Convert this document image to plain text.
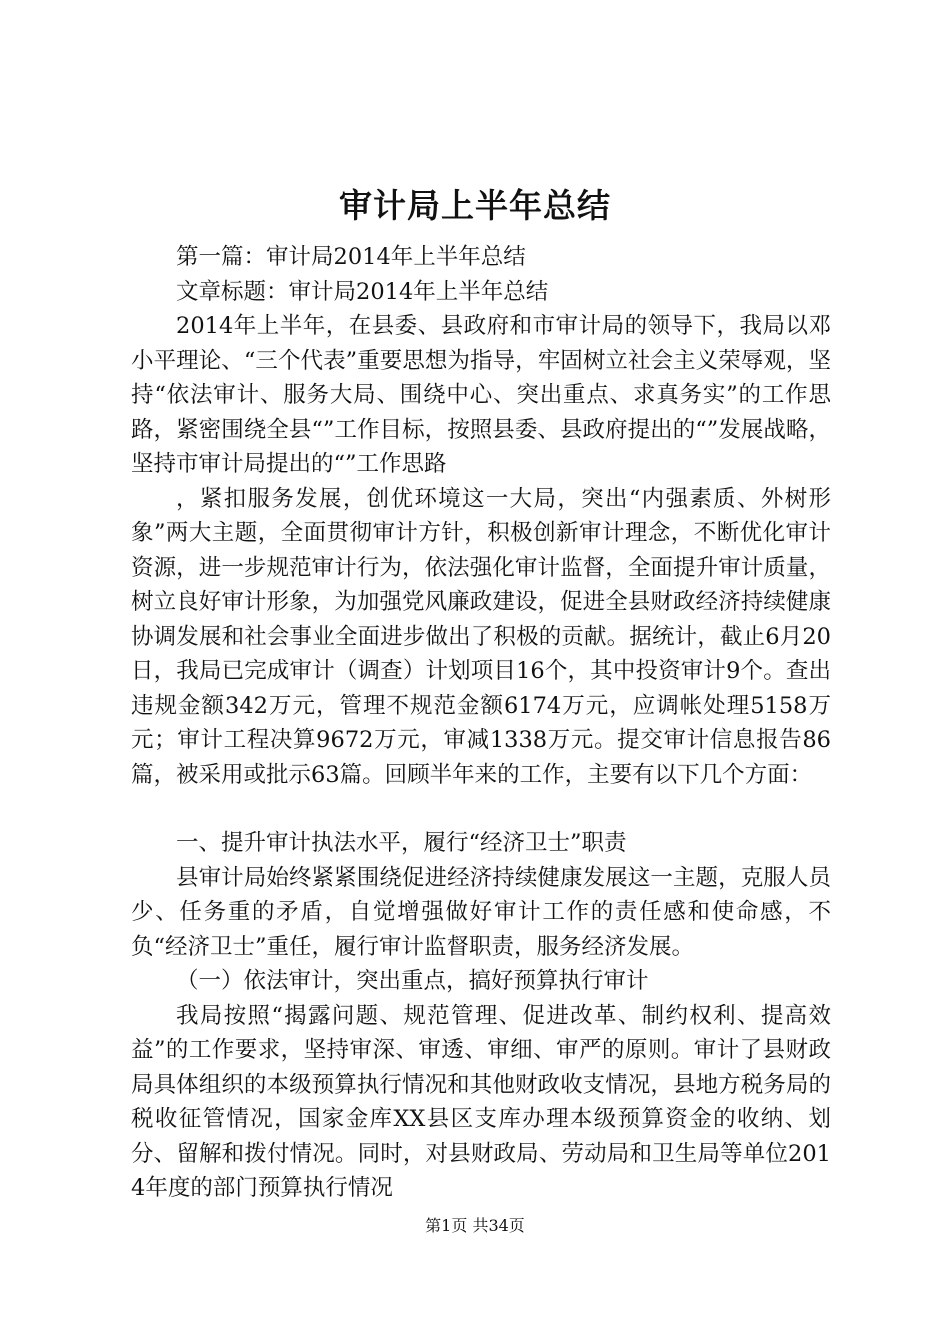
审计局上半年总结

第一篇：审计局2014年上半年总结

文章标题：审计局2014年上半年总结

2014年上半年，在县委、县政府和市审计局的领导下，我局以邓小平理论、“三个代表”重要思想为指导，牢固树立社会主义荣辱观，坚持“依法审计、服务大局、围绕中心、突出重点、求真务实”的工作思路，紧密围绕全县“”工作目标，按照县委、县政府提出的“”发展战略，坚持市审计局提出的“”工作思路

，紧扣服务发展，创优环境这一大局，突出“内强素质、外树形象”两大主题，全面贯彻审计方针，积极创新审计理念，不断优化审计资源，进一步规范审计行为，依法强化审计监督，全面提升审计质量，树立良好审计形象，为加强党风廉政建设，促进全县财政经济持续健康协调发展和社会事业全面进步做出了积极的贡献。据统计，截止6月20日，我局已完成审计（调查）计划项目16个，其中投资审计9个。查出违规金额342万元，管理不规范金额6174万元，应调帐处理5158万元；审计工程决算9672万元，审减1338万元。提交审计信息报告86篇，被采用或批示63篇。回顾半年来的工作，主要有以下几个方面：

一、提升审计执法水平，履行“经济卫士”职责

县审计局始终紧紧围绕促进经济持续健康发展这一主题，克服人员少、任务重的矛盾，自觉增强做好审计工作的责任感和使命感，不负“经济卫士”重任，履行审计监督职责，服务经济发展。

（一）依法审计，突出重点，搞好预算执行审计

我局按照“揭露问题、规范管理、促进改革、制约权利、提高效益”的工作要求，坚持审深、审透、审细、审严的原则。审计了县财政局具体组织的本级预算执行情况和其他财政收支情况，县地方税务局的税收征管情况，国家金库XX县区支库办理本级预算资金的收纳、划分、留解和拨付情况。同时，对县财政局、劳动局和卫生局等单位2014年度的部门预算执行情况

第1页 共34页
